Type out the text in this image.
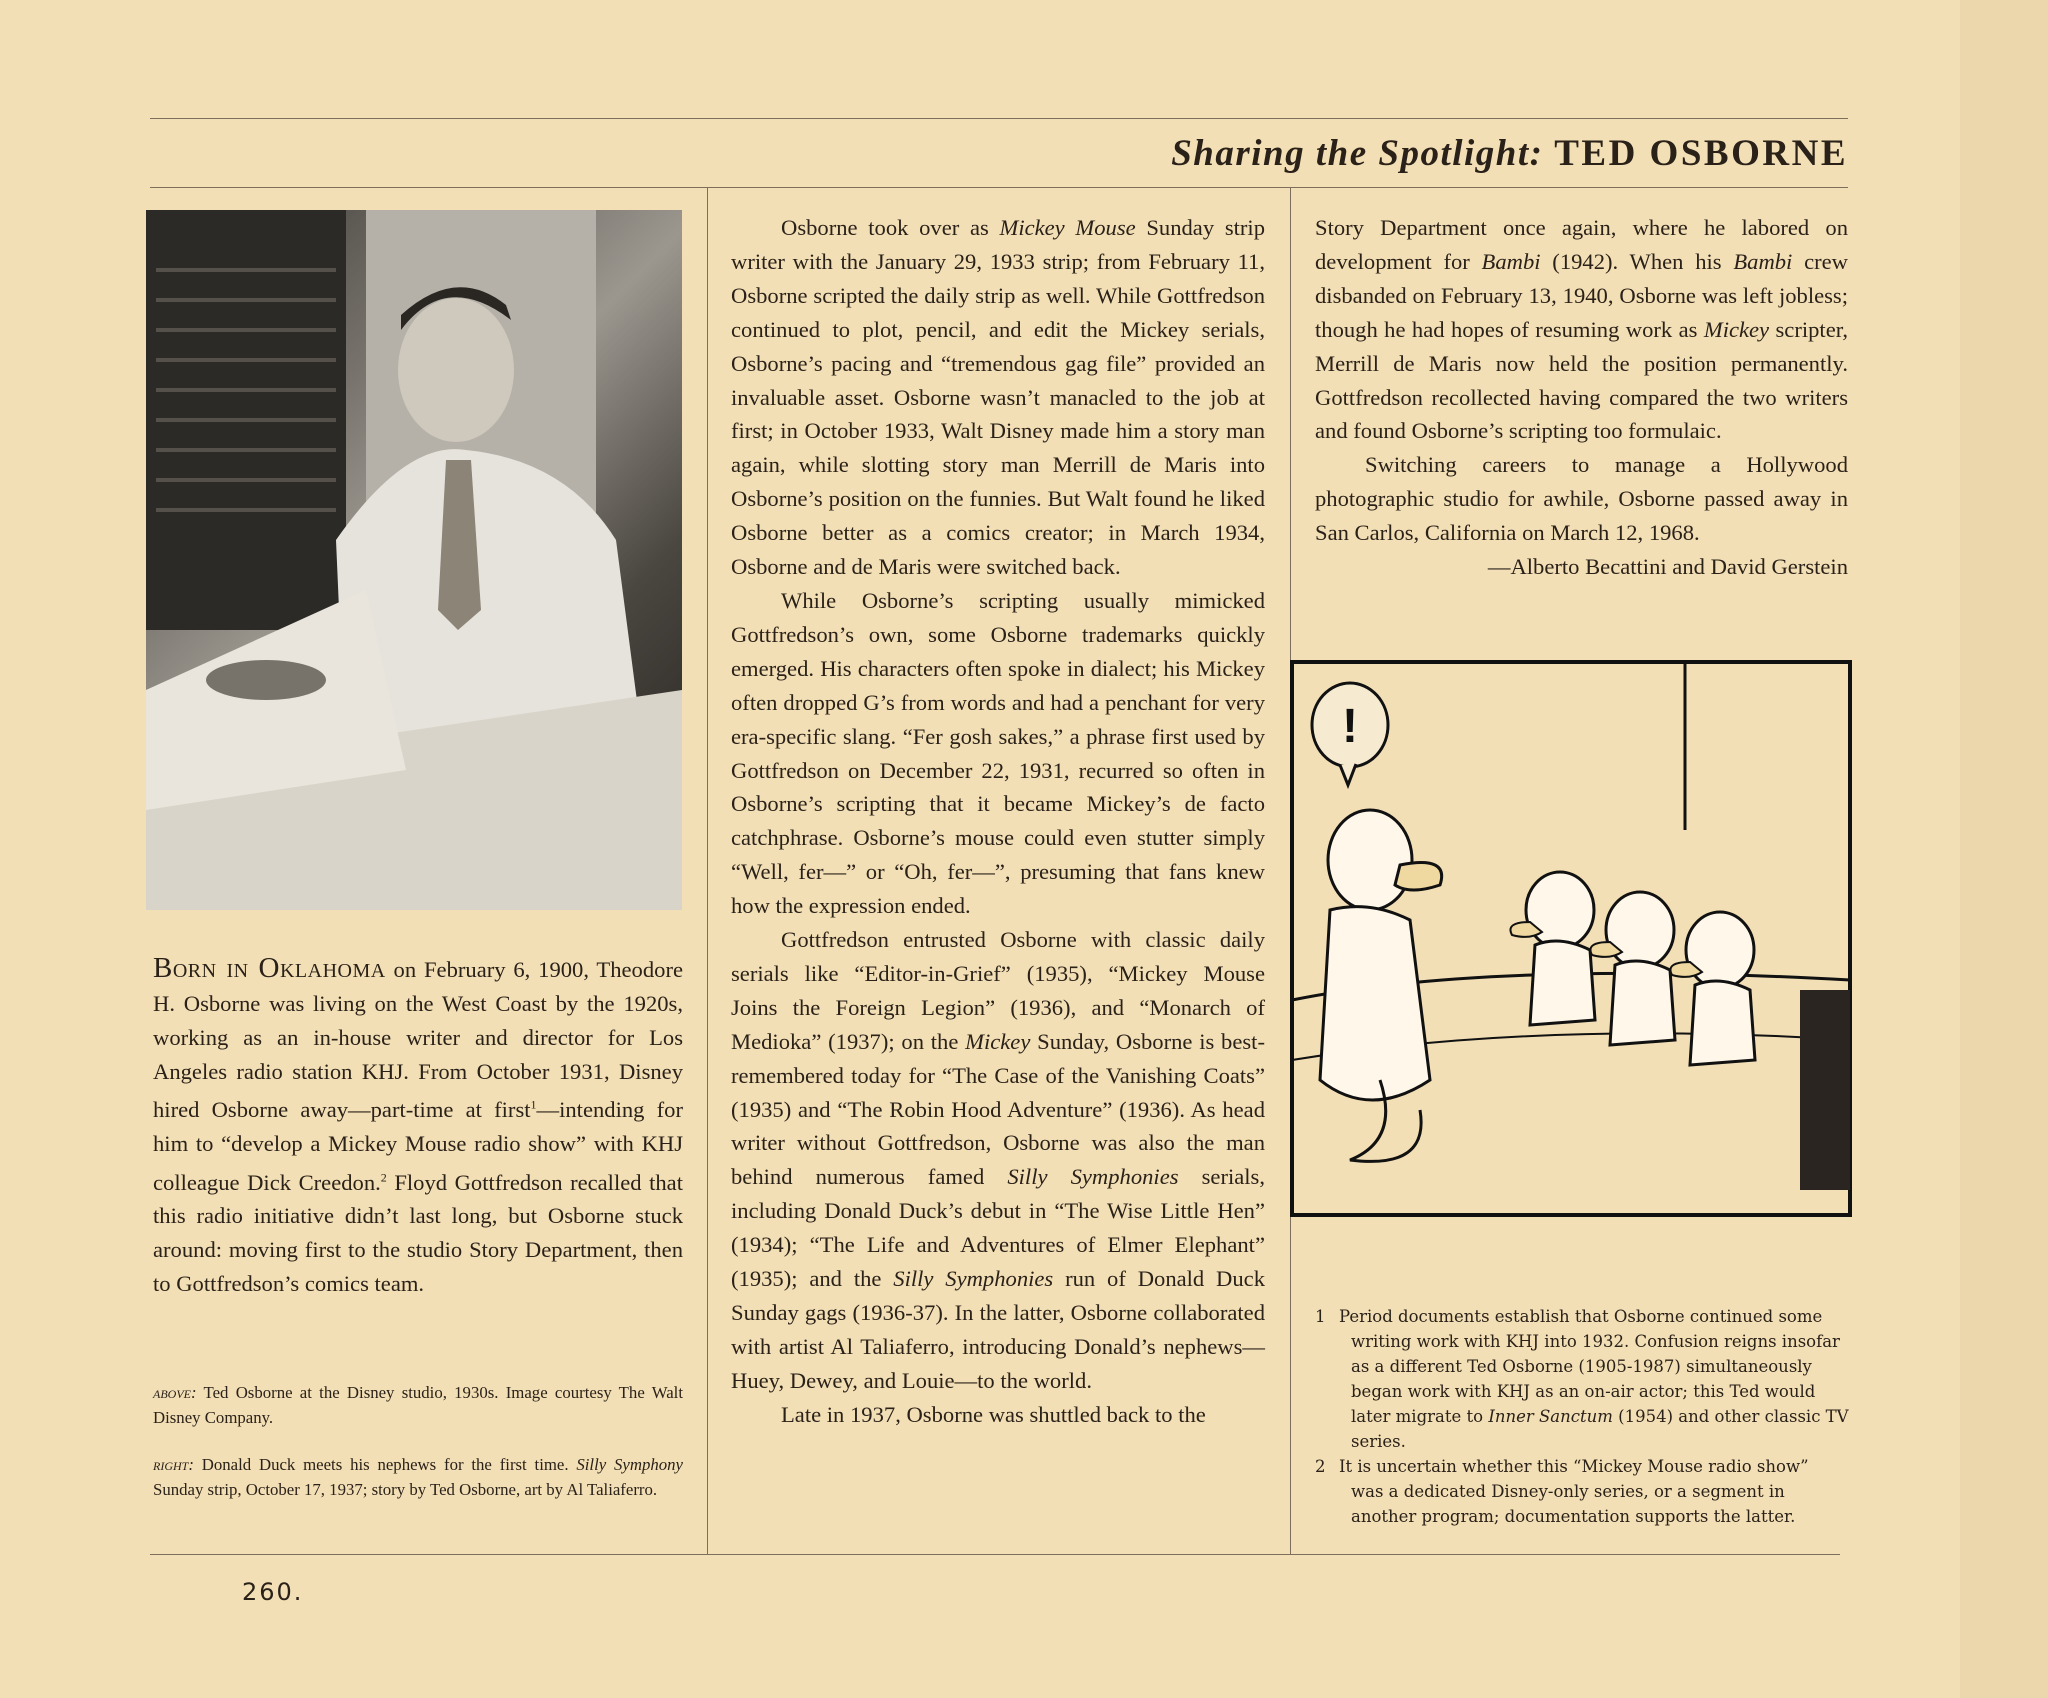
Sharing the Spotlight: TED OSBORNE

Born in Oklahoma on February 6, 1900, Theodore H. Osborne was living on the West Coast by the 1920s, working as an in-house writer and director for Los Angeles radio station KHJ. From October 1931, Disney hired Osborne away—part-time at first$^1$—intending for him to “develop a Mickey Mouse radio show” with KHJ colleague Dick Creedon.$^2$ Floyd Gottfredson recalled that this radio initiative didn’t last long, but Osborne stuck around: moving first to the studio Story Department, then to Gottfredson’s comics team.

above: Ted Osborne at the Disney studio, 1930s. Image courtesy The Walt Disney Company.
right: Donald Duck meets his nephews for the first time. Silly Symphony Sunday strip, October 17, 1937; story by Ted Osborne, art by Al Taliaferro.
260.

Osborne took over as Mickey Mouse Sunday strip writer with the January 29, 1933 strip; from February 11, Osborne scripted the daily strip as well. While Gottfredson continued to plot, pencil, and edit the Mickey serials, Osborne’s pacing and “tremendous gag file” provided an invaluable asset. Osborne wasn’t manacled to the job at first; in October 1933, Walt Disney made him a story man again, while slotting story man Merrill de Maris into Osborne’s position on the funnies. But Walt found he liked Osborne better as a comics creator; in March 1934, Osborne and de Maris were switched back.

While Osborne’s scripting usually mimicked Gottfredson’s own, some Osborne trademarks quickly emerged. His characters often spoke in dialect; his Mickey often dropped G’s from words and had a penchant for very era-specific slang. “Fer gosh sakes,” a phrase first used by Gottfredson on December 22, 1931, recurred so often in Osborne’s scripting that it became Mickey’s de facto catchphrase. Osborne’s mouse could even stutter simply “Well, fer—” or “Oh, fer—”, presuming that fans knew how the expression ended.

Gottfredson entrusted Osborne with classic daily serials like “Editor-in-Grief” (1935), “Mickey Mouse Joins the Foreign Legion” (1936), and “Monarch of Medioka” (1937); on the Mickey Sunday, Osborne is best-remembered today for “The Case of the Vanishing Coats” (1935) and “The Robin Hood Adventure” (1936). As head writer without Gottfredson, Osborne was also the man behind numerous famed Silly Symphonies serials, including Donald Duck’s debut in “The Wise Little Hen” (1934); “The Life and Adventures of Elmer Elephant” (1935); and the Silly Symphonies run of Donald Duck Sunday gags (1936-37). In the latter, Osborne collaborated with artist Al Taliaferro, introducing Donald’s nephews—Huey, Dewey, and Louie—to the world.

Late in 1937, Osborne was shuttled back to the

Story Department once again, where he labored on development for Bambi (1942). When his Bambi crew disbanded on February 13, 1940, Osborne was left jobless; though he had hopes of resuming work as Mickey scripter, Merrill de Maris now held the position permanently. Gottfredson recollected having compared the two writers and found Osborne’s scripting too formulaic.

Switching careers to manage a Hollywood photographic studio for awhile, Osborne passed away in San Carlos, California on March 12, 1968.

—Alberto Becattini and David Gerstein

!
1 Period documents establish that Osborne continued some
writing work with KHJ into 1932. Confusion reigns insofar as a different Ted Osborne (1905-1987) simultaneously began work with KHJ as an on-air actor; this Ted would later migrate to Inner Sanctum (1954) and other classic TV series.
2 It is uncertain whether this “Mickey Mouse radio show”
was a dedicated Disney-only series, or a segment in another program; documentation supports the latter.
